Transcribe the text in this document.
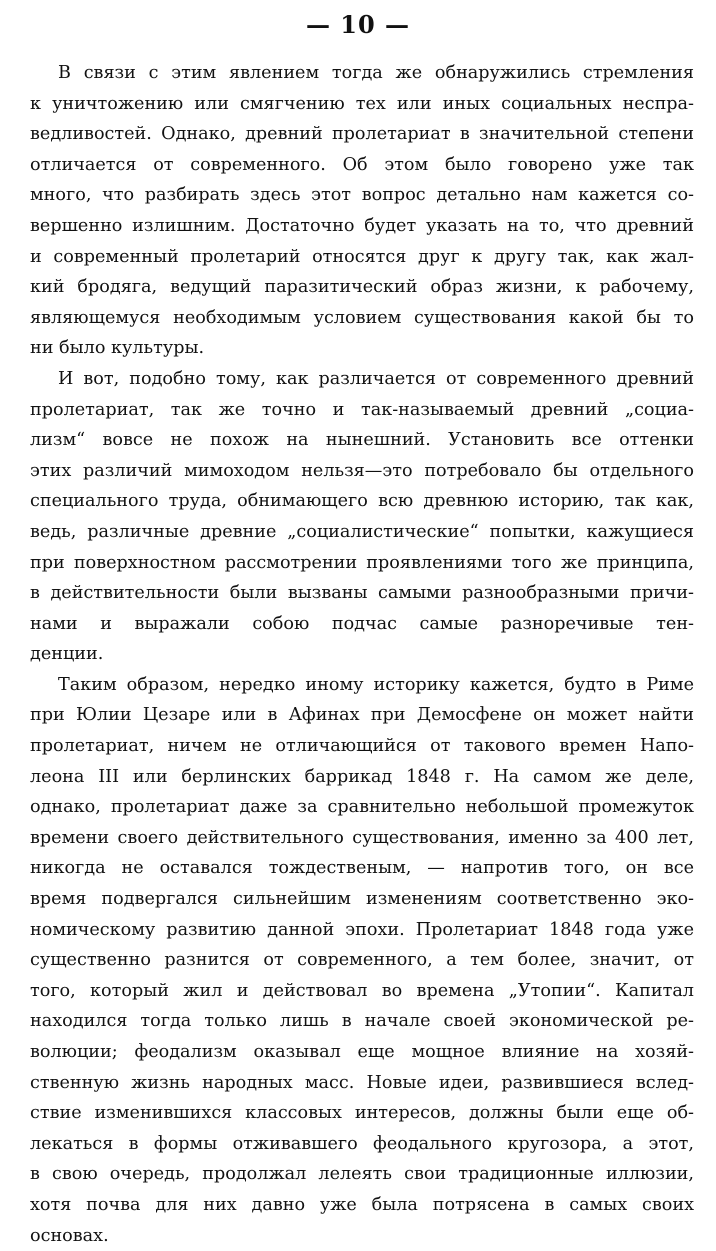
— 10 —
В связи с этим явлением тогда же обнаружились стремления
к уничтожению или смягчению тех или иных социальных неспра-
ведливостей. Однако, древний пролетариат в значительной степени
отличается от современного. Об этом было говорено уже так
много, что разбирать здесь этот вопрос детально нам кажется со-
вершенно излишним. Достаточно будет указать на то, что древний
и современный пролетарий относятся друг к другу так, как жал-
кий бродяга, ведущий паразитический образ жизни, к рабочему,
являющемуся необходимым условием существования какой бы то
ни было культуры.
И вот, подобно тому, как различается от современного древний
пролетариат, так же точно и так-называемый древний „социа-
лизм“ вовсе не похож на нынешний. Установить все оттенки
этих различий мимоходом нельзя—это потребовало бы отдельного
специального труда, обнимающего всю древнюю историю, так как,
ведь, различные древние „социалистические“ попытки, кажущиеся
при поверхностном рассмотрении проявлениями того же принципа,
в действительности были вызваны самыми разнообразными причи-
нами и выражали собою подчас самые разноречивые тен-
денции.
Таким образом, нередко иному историку кажется, будто в Риме
при Юлии Цезаре или в Афинах при Демосфене он может найти
пролетариат, ничем не отличающийся от такового времен Напо-
леона III или берлинских баррикад 1848 г. На самом же деле,
однако, пролетариат даже за сравнительно небольшой промежуток
времени своего действительного существования, именно за 400 лет,
никогда не оставался тождественым, — напротив того, он все
время подвергался сильнейшим изменениям соответственно эко-
номическому развитию данной эпохи. Пролетариат 1848 года уже
существенно разнится от современного, а тем более, значит, от
того, который жил и действовал во времена „Утопии“. Капитал
находился тогда только лишь в начале своей экономической ре-
волюции; феодализм оказывал еще мощное влияние на хозяй-
ственную жизнь народных масс. Новые идеи, развившиеся вслед-
ствие изменившихся классовых интересов, должны были еще об-
лекаться в формы отживавшего феодального кругозора, а этот,
в свою очередь, продолжал лелеять свои традиционные иллюзии,
хотя почва для них давно уже была потрясена в самых своих
основах.
